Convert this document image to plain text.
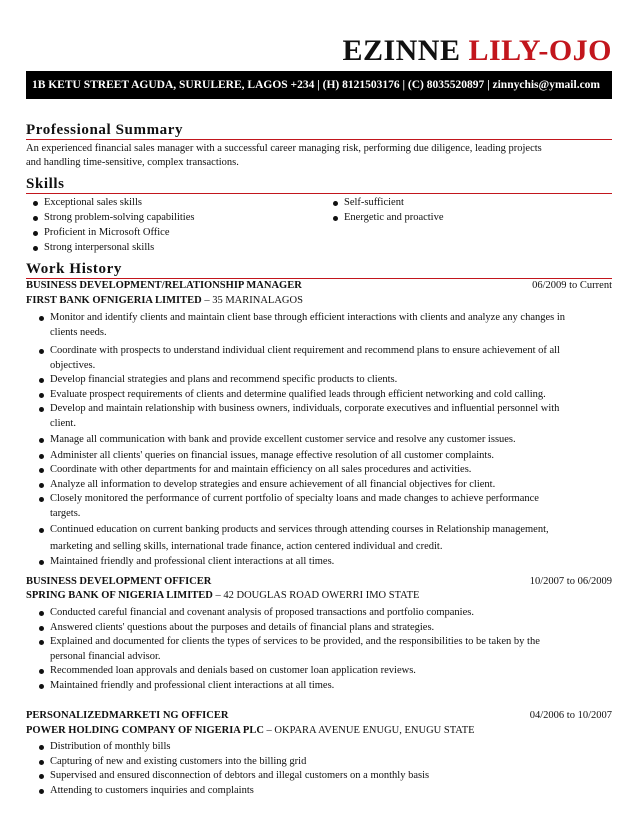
EZINNE LILY-OJO
1B KETU STREET AGUDA, SURULERE, LAGOS +234 | (H) 8121503176 | (C) 8035520897 | zinnychis@ymail.com
Professional Summary
An experienced financial sales manager with a successful career managing risk, performing due diligence, leading projects
and handling time-sensitive, complex transactions.
Skills
Exceptional sales skills
Strong problem-solving capabilities
Proficient in Microsoft Office
Strong interpersonal skills
Self-sufficient
Energetic and proactive
Work History
BUSINESS DEVELOPMENT/RELATIONSHIP MANAGER	06/2009 to Current
FIRST BANK OFNIGERIA LIMITED – 35 MARINALAGOS
Monitor and identify clients and maintain client base through efficient interactions with clients and analyze any changes in
clients needs.
Coordinate with prospects to understand individual client requirement and recommend plans to ensure achievement of all
objectives.
Develop financial strategies and plans and recommend specific products to clients.
Evaluate prospect requirements of clients and determine qualified leads through efficient networking and cold calling.
Develop and maintain relationship with business owners, individuals, corporate executives and influential personnel with
client.
Manage all communication with bank and provide excellent customer service and resolve any customer issues.
Administer all clients' queries on financial issues, manage effective resolution of all customer complaints.
Coordinate with other departments for and maintain efficiency on all sales procedures and activities.
Analyze all information to develop strategies and ensure achievement of all financial objectives for client.
Closely monitored the performance of current portfolio of specialty loans and made changes to achieve performance
targets.
Continued education on current banking products and services through attending courses in Relationship management,
marketing and selling skills, international trade finance, action centered individual and credit.
Maintained friendly and professional client interactions at all times.
BUSINESS DEVELOPMENT OFFICER	10/2007 to 06/2009
SPRING BANK OF NIGERIA LIMITED – 42 DOUGLAS ROAD OWERRI IMO STATE
Conducted careful financial and covenant analysis of proposed transactions and portfolio companies.
Answered clients' questions about the purposes and details of financial plans and strategies.
Explained and documented for clients the types of services to be provided, and the responsibilities to be taken by the
personal financial advisor.
Recommended loan approvals and denials based on customer loan application reviews.
Maintained friendly and professional client interactions at all times.
PERSONALIZEDMARKETI NG OFFICER	04/2006 to 10/2007
POWER HOLDING COMPANY OF NIGERIA PLC – OKPARA AVENUE ENUGU, ENUGU STATE
Distribution of monthly bills
Capturing of new and existing customers into the billing grid
Supervised and ensured disconnection of debtors and illegal customers on a monthly basis
Attending to customers inquiries and complaints
